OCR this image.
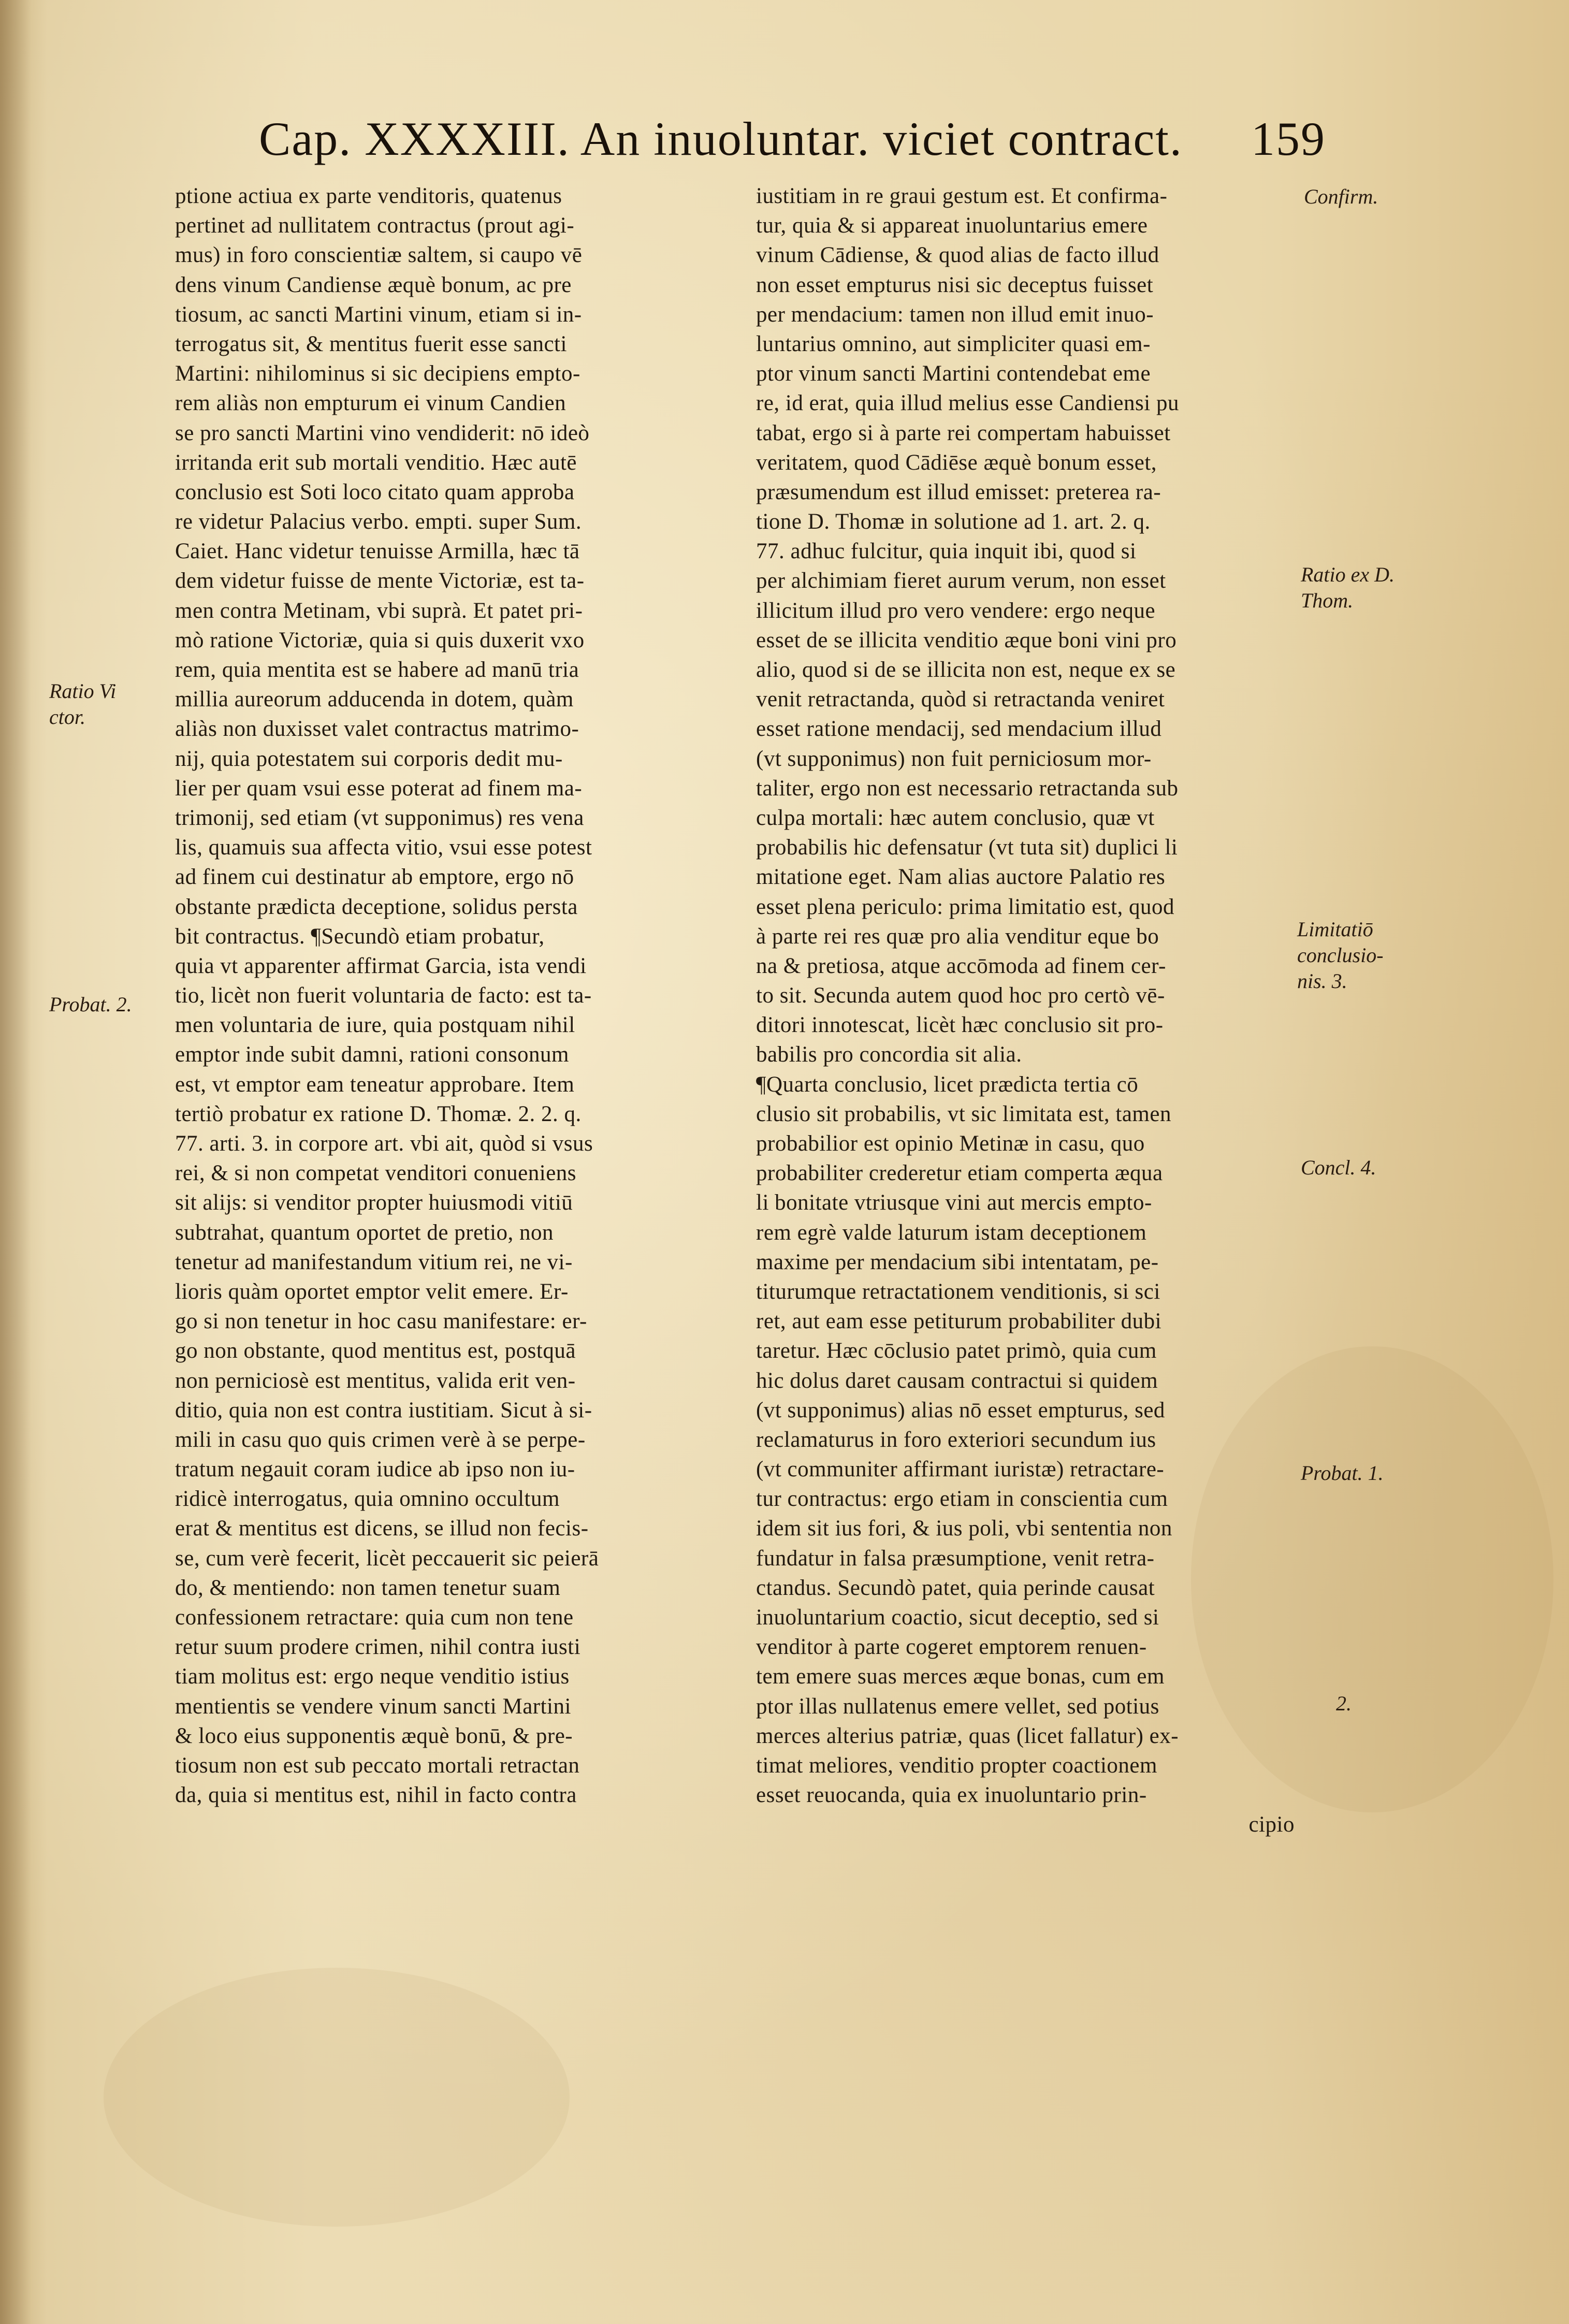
Cap. XXXXIII. An inuoluntar. viciet contract. 159
ptione actiua ex parte venditoris, quatenus
pertinet ad nullitatem contractus (prout agi-
mus) in foro conscientiæ saltem, si caupo vē
dens vinum Candiense æquè bonum, ac pre
tiosum, ac sancti Martini vinum, etiam si in-
terrogatus sit, & mentitus fuerit esse sancti
Martini: nihilominus si sic decipiens empto-
rem aliàs non empturum ei vinum Candien
se pro sancti Martini vino vendiderit: nō ideò
irritanda erit sub mortali venditio. Hæc autē
conclusio est Soti loco citato quam approba
re videtur Palacius verbo. empti. super Sum.
Caiet. Hanc videtur tenuisse Armilla, hæc tā
dem videtur fuisse de mente Victoriæ, est ta-
men contra Metinam, vbi suprà. Et patet pri-
mò ratione Victoriæ, quia si quis duxerit vxo
rem, quia mentita est se habere ad manū tria
millia aureorum adducenda in dotem, quàm
aliàs non duxisset valet contractus matrimo-
nij, quia potestatem sui corporis dedit mu-
lier per quam vsui esse poterat ad finem ma-
trimonij, sed etiam (vt supponimus) res vena
lis, quamuis sua affecta vitio, vsui esse potest
ad finem cui destinatur ab emptore, ergo nō
obstante prædicta deceptione, solidus persta
bit contractus. ¶Secundò etiam probatur,
quia vt apparenter affirmat Garcia, ista vendi
tio, licèt non fuerit voluntaria de facto: est ta-
men voluntaria de iure, quia postquam nihil
emptor inde subit damni, rationi consonum
est, vt emptor eam teneatur approbare. Item
tertiò probatur ex ratione D. Thomæ. 2. 2. q.
77. arti. 3. in corpore art. vbi ait, quòd si vsus
rei, & si non competat venditori conueniens
sit alijs: si venditor propter huiusmodi vitiū
subtrahat, quantum oportet de pretio, non
tenetur ad manifestandum vitium rei, ne vi-
lioris quàm oportet emptor velit emere. Er-
go si non tenetur in hoc casu manifestare: er-
go non obstante, quod mentitus est, postquā
non perniciosè est mentitus, valida erit ven-
ditio, quia non est contra iustitiam. Sicut à si-
mili in casu quo quis crimen verè à se perpe-
tratum negauit coram iudice ab ipso non iu-
ridicè interrogatus, quia omnino occultum
erat & mentitus est dicens, se illud non fecis-
se, cum verè fecerit, licèt peccauerit sic peierā
do, & mentiendo: non tamen tenetur suam
confessionem retractare: quia cum non tene
retur suum prodere crimen, nihil contra iusti
tiam molitus est: ergo neque venditio istius
mentientis se vendere vinum sancti Martini
& loco eius supponentis æquè bonū, & pre-
tiosum non est sub peccato mortali retractan
da, quia si mentitus est, nihil in facto contra
iustitiam in re graui gestum est. Et confirma-
tur, quia & si appareat inuoluntarius emere
vinum Cādiense, & quod alias de facto illud
non esset empturus nisi sic deceptus fuisset
per mendacium: tamen non illud emit inuo-
luntarius omnino, aut simpliciter quasi em-
ptor vinum sancti Martini contendebat eme
re, id erat, quia illud melius esse Candiensi pu
tabat, ergo si à parte rei compertam habuisset
veritatem, quod Cādiēse æquè bonum esset,
præsumendum est illud emisset: preterea ra-
tione D. Thomæ in solutione ad 1. art. 2. q.
77. adhuc fulcitur, quia inquit ibi, quod si
per alchimiam fieret aurum verum, non esset
illicitum illud pro vero vendere: ergo neque
esset de se illicita venditio æque boni vini pro
alio, quod si de se illicita non est, neque ex se
venit retractanda, quòd si retractanda veniret
esset ratione mendacij, sed mendacium illud
(vt supponimus) non fuit perniciosum mor-
taliter, ergo non est necessario retractanda sub
culpa mortali: hæc autem conclusio, quæ vt
probabilis hic defensatur (vt tuta sit) duplici li
mitatione eget. Nam alias auctore Palatio res
esset plena periculo: prima limitatio est, quod
à parte rei res quæ pro alia venditur eque bo
na & pretiosa, atque accōmoda ad finem cer-
to sit. Secunda autem quod hoc pro certò vē-
ditori innotescat, licèt hæc conclusio sit pro-
babilis pro concordia sit alia.
¶Quarta conclusio, licet prædicta tertia cō
clusio sit probabilis, vt sic limitata est, tamen
probabilior est opinio Metinæ in casu, quo
probabiliter crederetur etiam comperta æqua
li bonitate vtriusque vini aut mercis empto-
rem egrè valde laturum istam deceptionem
maxime per mendacium sibi intentatam, pe-
titurumque retractationem venditionis, si sci
ret, aut eam esse petiturum probabiliter dubi
taretur. Hæc cōclusio patet primò, quia cum
hic dolus daret causam contractui si quidem
(vt supponimus) alias nō esset empturus, sed
reclamaturus in foro exteriori secundum ius
(vt communiter affirmant iuristæ) retractare-
tur contractus: ergo etiam in conscientia cum
idem sit ius fori, & ius poli, vbi sententia non
fundatur in falsa præsumptione, venit retra-
ctandus. Secundò patet, quia perinde causat
inuoluntarium coactio, sicut deceptio, sed si
venditor à parte cogeret emptorem renuen-
tem emere suas merces æque bonas, cum em
ptor illas nullatenus emere vellet, sed potius
merces alterius patriæ, quas (licet fallatur) ex-
timat meliores, venditio propter coactionem
esset reuocanda, quia ex inuoluntario prin-
cipio
Ratio Vi ctor.
Probat. 2.
Confirm.
Ratio ex D. Thom.
Limitatiō conclusio- nis. 3.
Concl. 4.
Probat. 1.
2.
